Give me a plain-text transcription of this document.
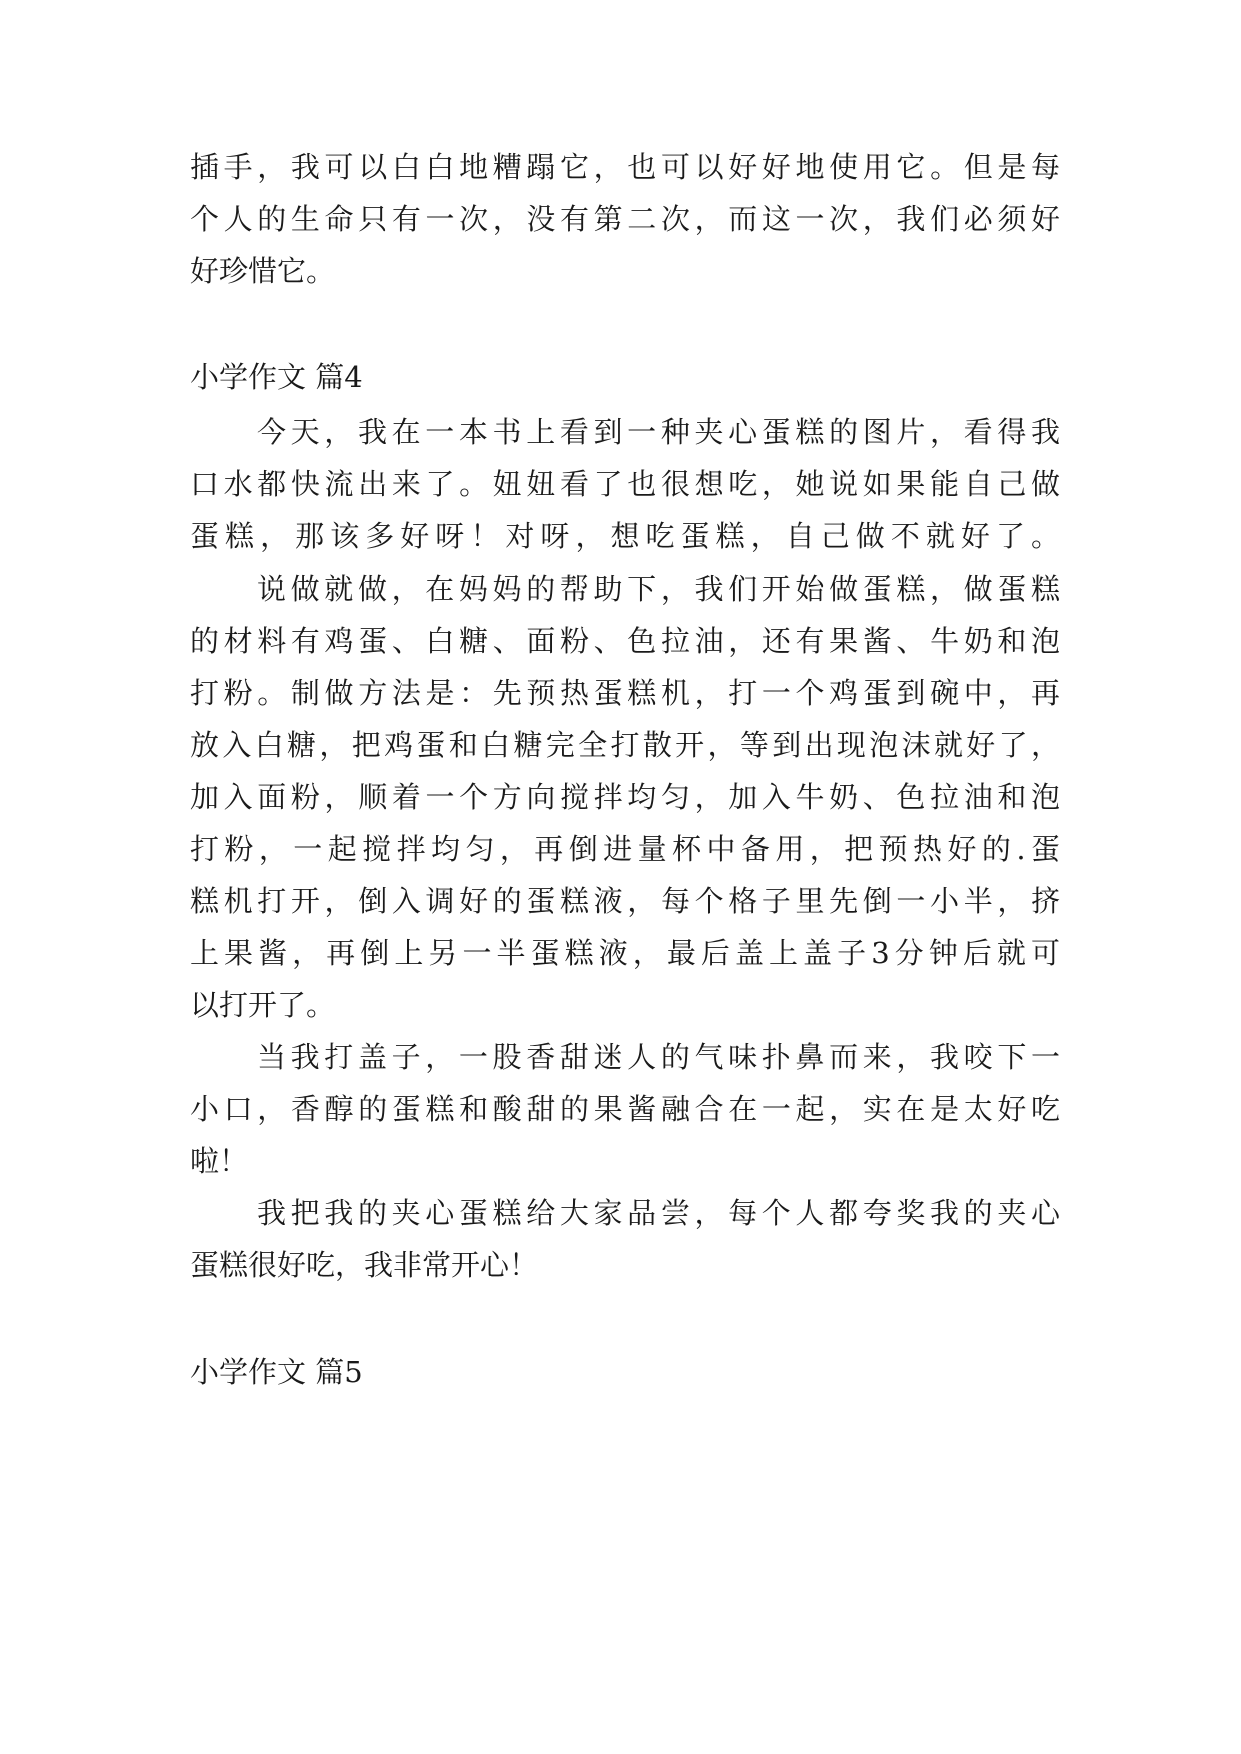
插手，我可以白白地糟蹋它，也可以好好地使用它。但是每
个人的生命只有一次，没有第二次，而这一次，我们必须好
好珍惜它。
小学作文 篇4
今天，我在一本书上看到一种夹心蛋糕的图片，看得我
口水都快流出来了。妞妞看了也很想吃，她说如果能自己做
蛋糕，那该多好呀！对呀，想吃蛋糕，自己做不就好了。
说做就做，在妈妈的帮助下，我们开始做蛋糕，做蛋糕
的材料有鸡蛋、白糖、面粉、色拉油，还有果酱、牛奶和泡
打粉。制做方法是：先预热蛋糕机，打一个鸡蛋到碗中，再
放入白糖，把鸡蛋和白糖完全打散开，等到出现泡沫就好了，
加入面粉，顺着一个方向搅拌均匀，加入牛奶、色拉油和泡
打粉，一起搅拌均匀，再倒进量杯中备用，把预热好的.蛋
糕机打开，倒入调好的蛋糕液，每个格子里先倒一小半，挤
上果酱，再倒上另一半蛋糕液，最后盖上盖子3分钟后就可
以打开了。
当我打盖子，一股香甜迷人的气味扑鼻而来，我咬下一
小口，香醇的蛋糕和酸甜的果酱融合在一起，实在是太好吃
啦！
我把我的夹心蛋糕给大家品尝，每个人都夸奖我的夹心
蛋糕很好吃，我非常开心！
小学作文 篇5
